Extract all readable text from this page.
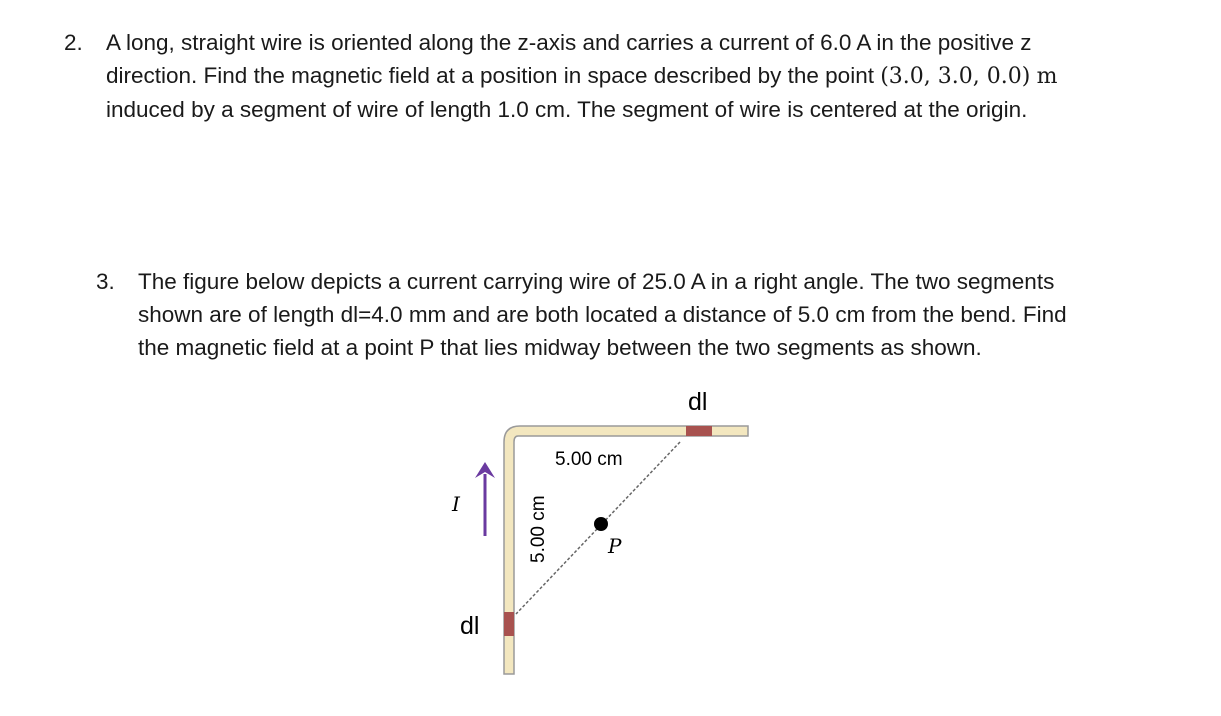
2. A long, straight wire is oriented along the z-axis and carries a current of 6.0 A in the positive z
direction. Find the magnetic field at a position in space described by the point (3.0, 3.0, 0.0) m
induced by a segment of wire of length 1.0 cm. The segment of wire is centered at the origin.
3. The figure below depicts a current carrying wire of 25.0 A in a right angle. The two segments
shown are of length dl=4.0 mm and are both located a distance of 5.0 cm from the bend. Find
the magnetic field at a point P that lies midway between the two segments as shown.
P
I
5.00 cm
5.00 cm
dl
dl
